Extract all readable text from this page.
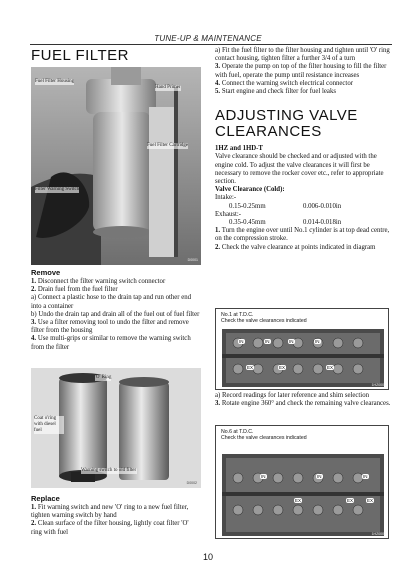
TUNE-UP & MAINTENANCE
FUEL FILTER
Fuel Filter Housing
Hand Primer
Fuel Filter Cartridge
Filter Warning Switch
D0001
Remove
1. Disconnect the filter warning switch connector
2. Drain fuel from the fuel filter
a) Connect a plastic hose to the drain tap and run other end into a container
b) Undo the drain tap and drain all of the fuel out of fuel filter
3. Use a filter removing tool to undo the filter and remove filter from the housing
4. Use multi-grips or similar to remove the warning switch from the filter
'O' Ring
Coat o'ring with diesel fuel
Warning switch to old filter
D0002
Replace
1. Fit warning switch and new 'O' ring to a new fuel filter, tighten warning switch by hand
2. Clean surface of the filter housing, lightly coat filter 'O' ring with fuel
a) Fit the fuel filter to the filter housing and tighten until 'O' ring contact housing, tighten filter a further 3/4 of a turn
3. Operate the pump on top of the filter housing to fill the filter with fuel, operate the pump until resistance increases
4. Connect the warning switch electrical connector
5. Start engine and check filter for fuel leaks
ADJUSTING VALVE CLEARANCES
1HZ and 1HD-T
Valve clearance should be checked and or adjusted with the engine cold. To adjust the valve clearances it will first be necessary to remove the rocker cover etc., refer to appropriate section.
Valve Clearance (Cold):
Intake:-
0.15-0.25mm	0.006-0.010in
Exhaust:-
0.35-0.45mm	0.014-0.018in
1. Turn the engine over until No.1 cylinder is at top dead centre, on the compression stroke.
2. Check the valve clearance at points indicated in diagram
No.1 at T.D.C.
Check the valve clearances indicated
IN	IN	IN	IN
EX	EX	EX
1HZ0001
a) Record readings for later reference and shim selection
3. Rotate engine 360° and check the remaining valve clearances.
No.6 at T.D.C.
Check the valve clearances indicated
IN	IN	IN
EX	EX	EX
1HZ0002
10
